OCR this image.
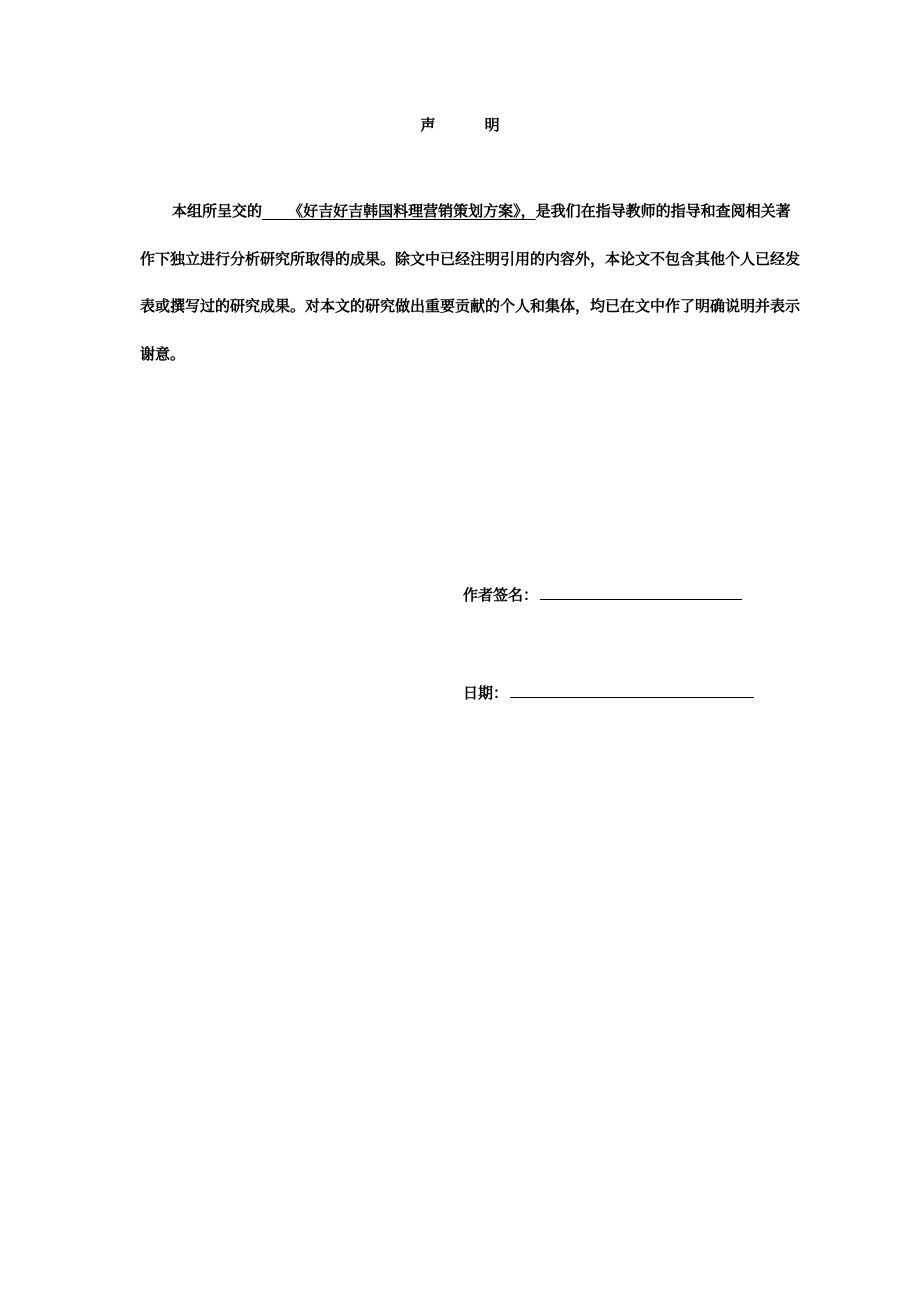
声 明

本组所呈交的 《好吉好吉韩国料理营销策划方案》，是我们在指导教师的指导和查阅相关著作下独立进行分析研究所取得的成果。除文中已经注明引用的内容外，本论文不包含其他个人已经发表或撰写过的研究成果。对本文的研究做出重要贡献的个人和集体，均已在文中作了明确说明并表示谢意。

作者签名：
日期：
